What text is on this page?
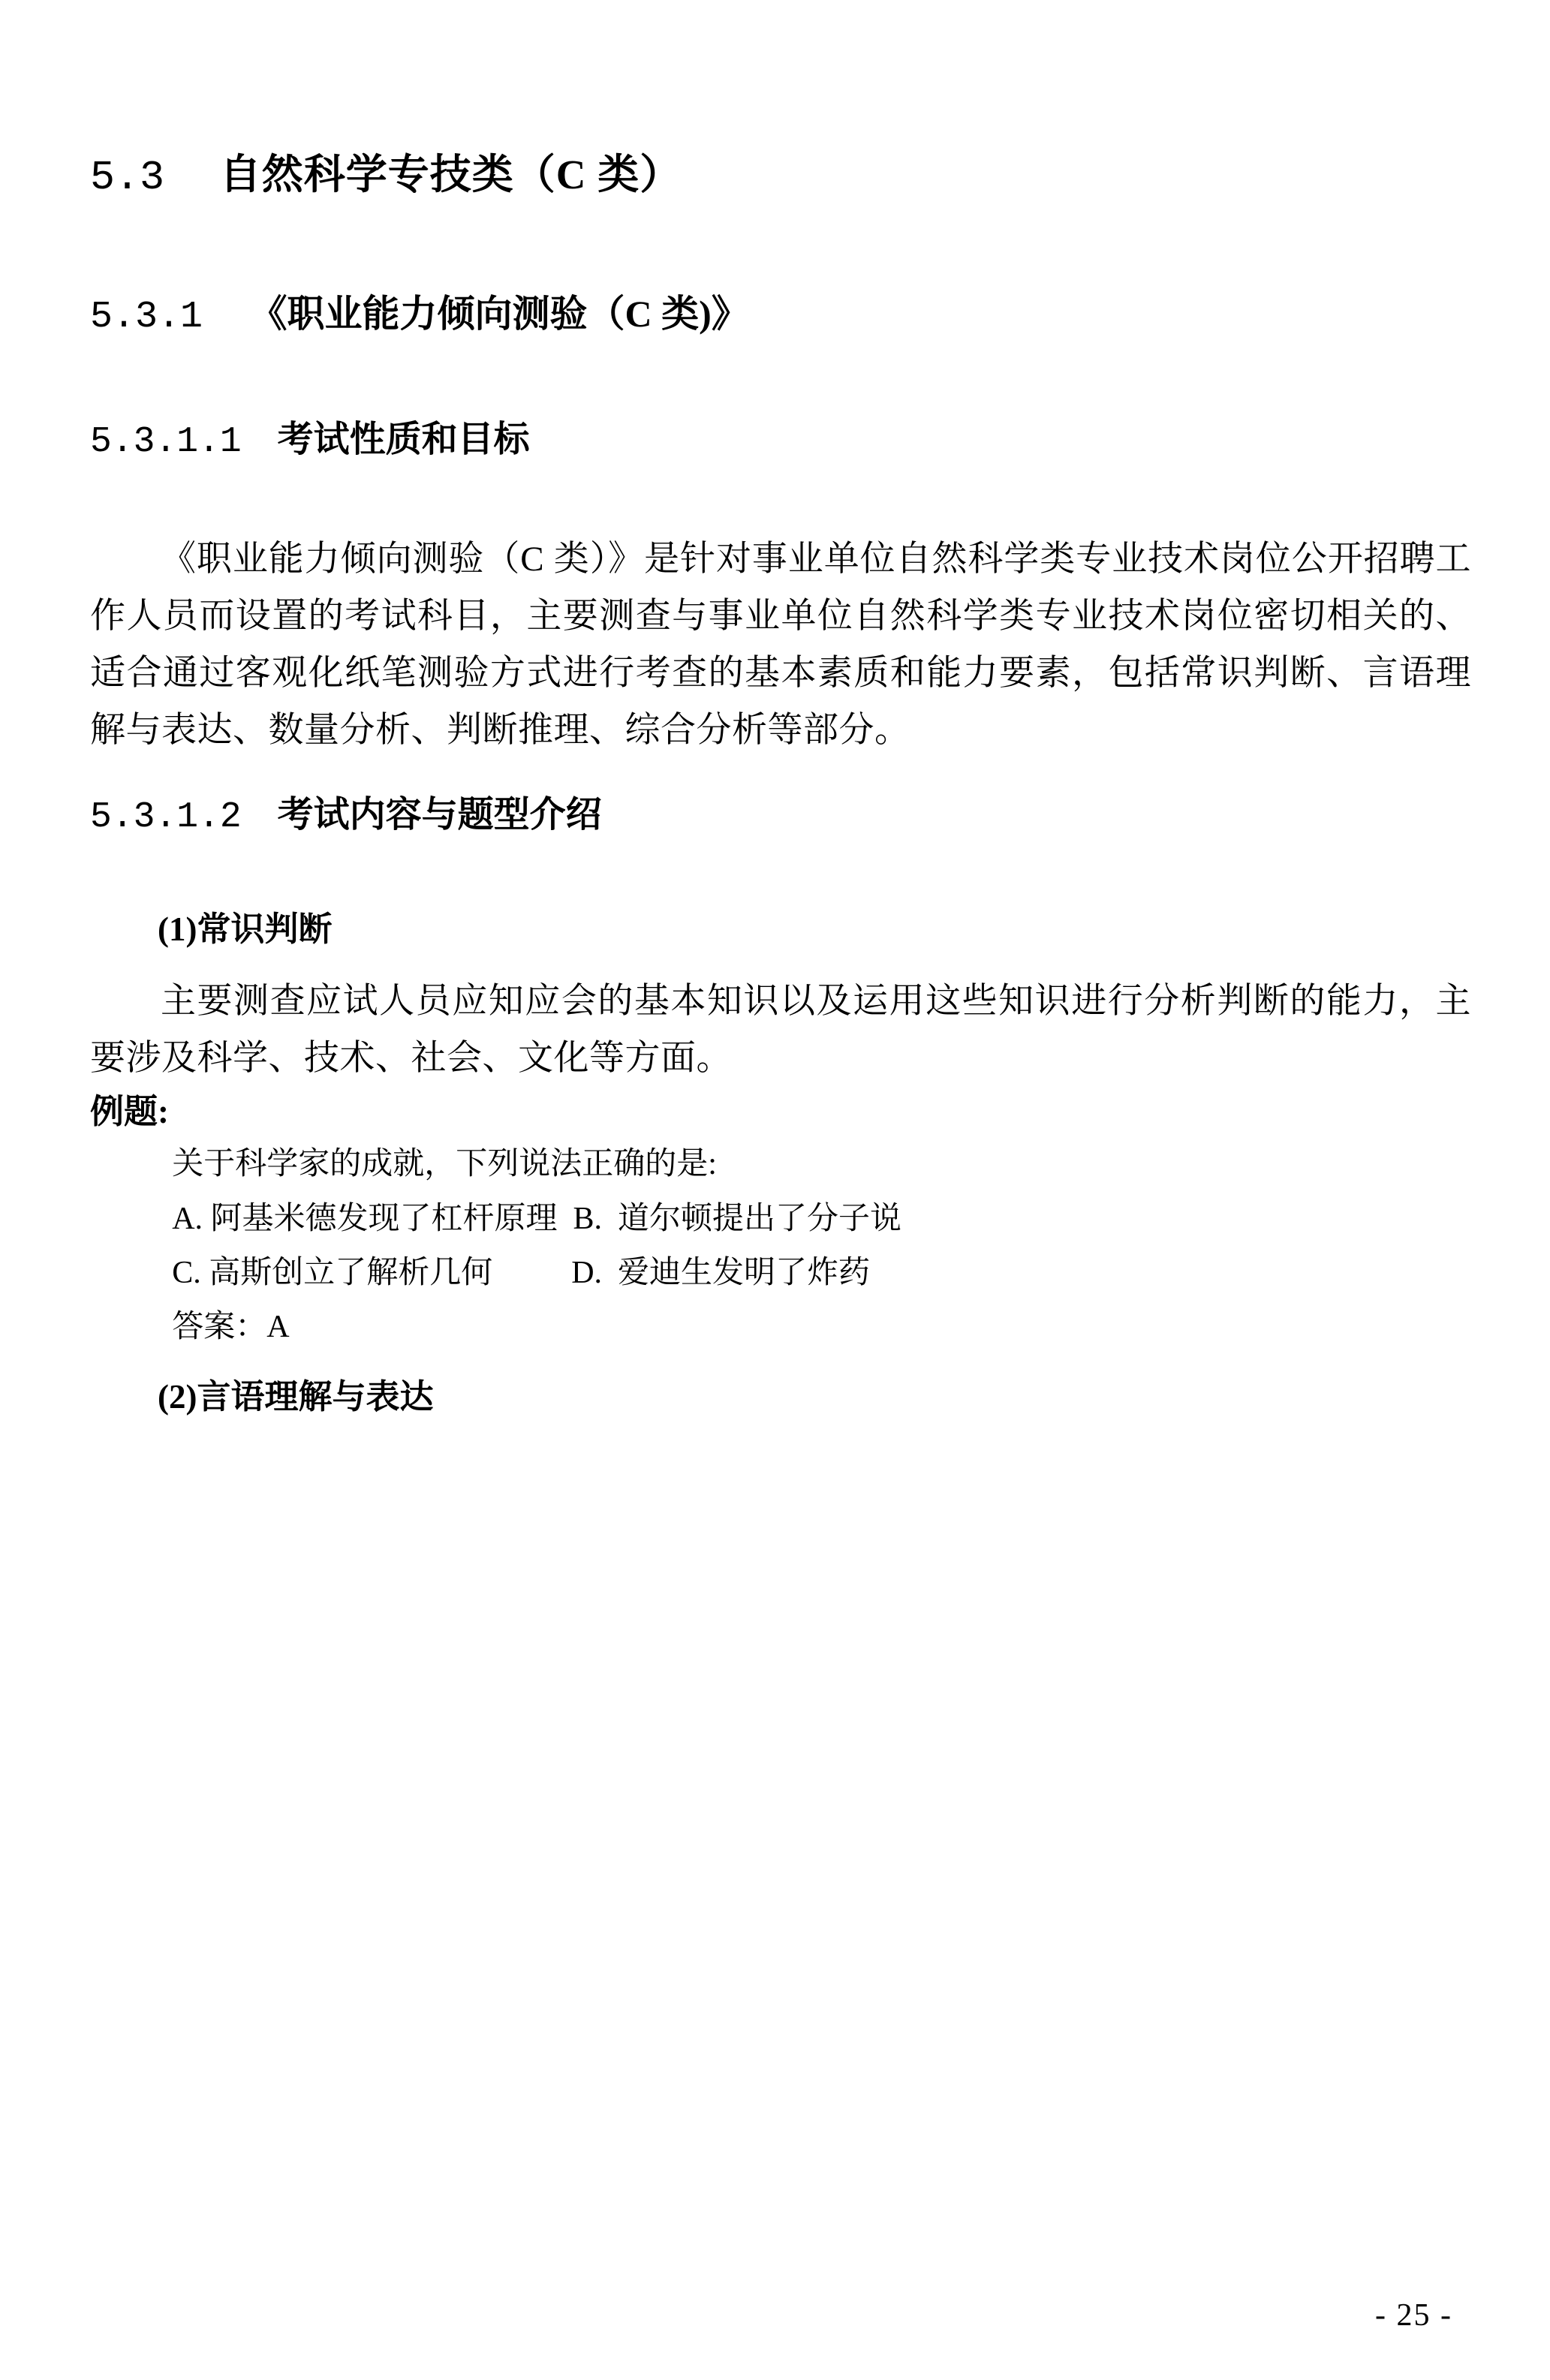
5.3 自然科学专技类（C 类）
5.3.1 《职业能力倾向测验（C 类)》
5.3.1.1 考试性质和目标

《职业能力倾向测验（C 类）》是针对事业单位自然科学类专业技术岗位公开招聘工作人员而设置的考试科目，主要测查与事业单位自然科学类专业技术岗位密切相关的、适合通过客观化纸笔测验方式进行考查的基本素质和能力要素，包括常识判断、言语理解与表达、数量分析、判断推理、综合分析等部分。

5.3.1.2 考试内容与题型介绍

(1)常识判断

主要测查应试人员应知应会的基本知识以及运用这些知识进行分析判断的能力，主要涉及科学、技术、社会、文化等方面。

例题:

关于科学家的成就，下列说法正确的是:

A. 阿基米德发现了杠杆原理  B.  道尔顿提出了分子说

C. 高斯创立了解析几何          D.  爱迪生发明了炸药

答案：A

(2)言语理解与表达

- 25 -
